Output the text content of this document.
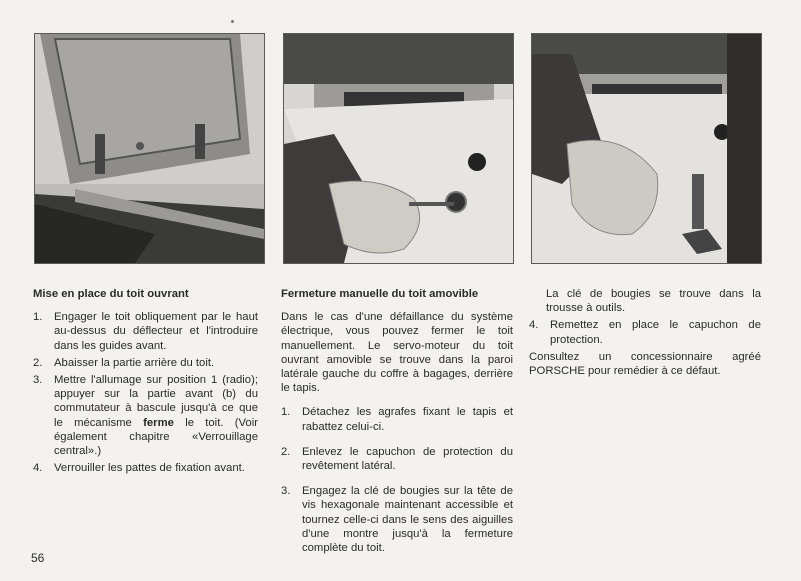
Mise en place du toit ouvrant
1. Engager le toit obliquement par le haut au-dessus du déflecteur et l'introduire dans les guides avant.
2. Abaisser la partie arrière du toit.
3. Mettre l'allumage sur position 1 (radio); appuyer sur la partie avant (b) du commutateur à bascule jusqu'à ce que le mécanisme ferme le toit. (Voir également chapitre «Verrouillage central».)
4. Verrouiller les pattes de fixation avant.
Fermeture manuelle du toit amovible

Dans le cas d'une défaillance du système électrique, vous pouvez fermer le toit manuellement. Le servo-moteur du toit ouvrant amovible se trouve dans la paroi latérale gauche du coffre à bagages, derrière le tapis.

1. Détachez les agrafes fixant le tapis et rabattez celui-ci.
2. Enlevez le capuchon de protection du revêtement latéral.
3. Engagez la clé de bougies sur la tête de vis hexagonale maintenant accessible et tournez celle-ci dans le sens des aiguilles d'une montre jusqu'à la fermeture complète du toit.

La clé de bougies se trouve dans la trousse à outils.

4. Remettez en place le capuchon de protection.

Consultez un concessionnaire agréé PORSCHE pour remédier à ce défaut.

56
